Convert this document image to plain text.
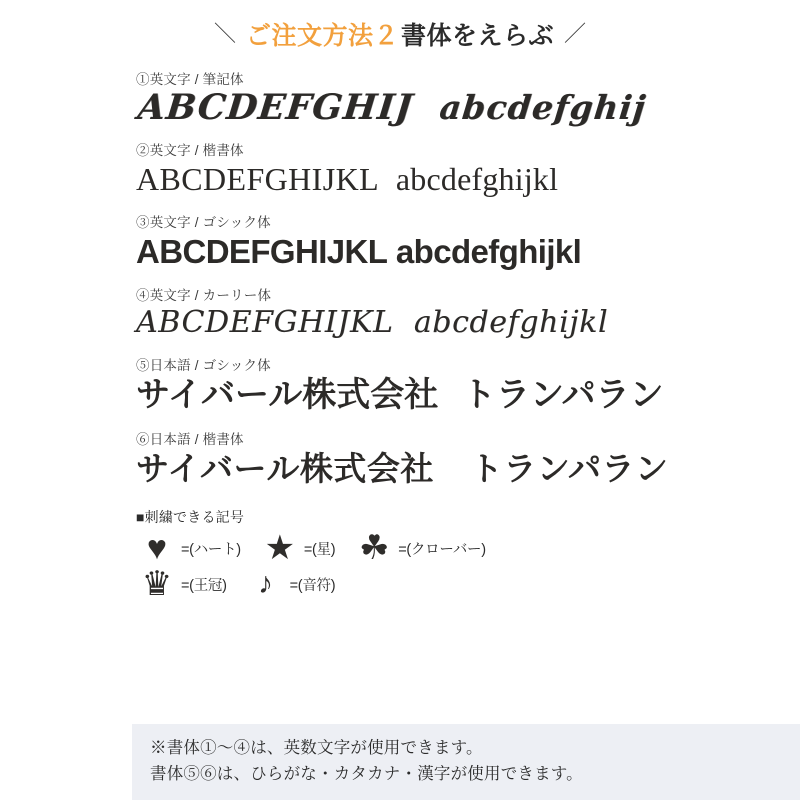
＼ ご注文方法２ 書体をえらぶ ／
①英文字 / 筆記体
ABCDEFGHIJ abcdefghij
②英文字 / 楷書体
ABCDEFGHIJKL abcdefghijkl
③英文字 / ゴシック体
ABCDEFGHIJKL abcdefghijkl
④英文字 / カーリー体
ABCDEFGHIJKL abcdefghijkl
⑤日本語 / ゴシック体
サイバール株式会社 トランパラン
⑥日本語 / 楷書体
サイバール株式会社 トランパラン
■刺繍できる記号
♥ =(ハート) ★ =(星) ☘ =(クローバー)
♛ =(王冠)	♪	=(音符)
※書体①〜④は、英数文字が使用できます。
書体⑤⑥は、ひらがな・カタカナ・漢字が使用できます。
